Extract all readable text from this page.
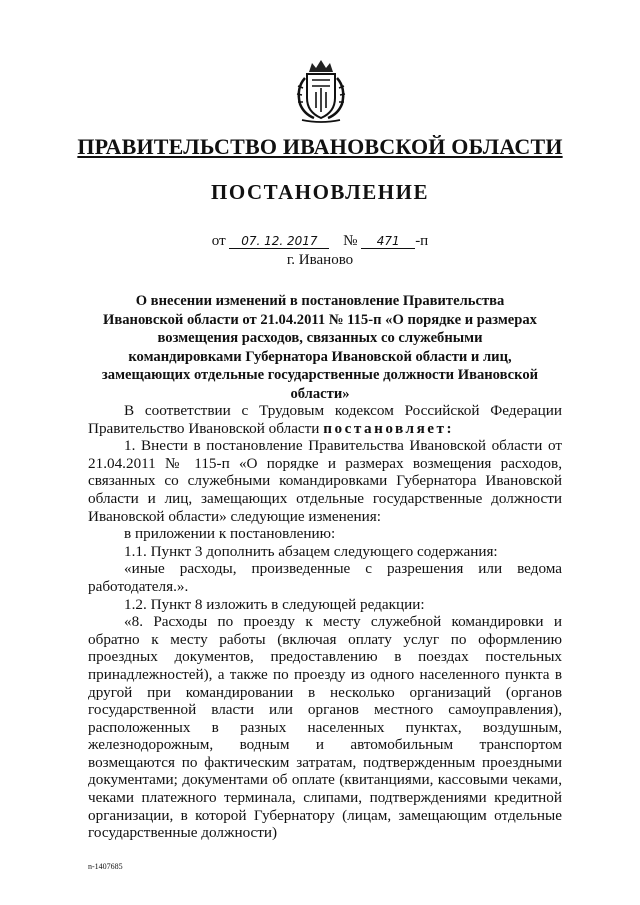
ПРАВИТЕЛЬСТВО ИВАНОВСКОЙ ОБЛАСТИ
ПОСТАНОВЛЕНИЕ
от 07. 12. 2017 № 471 -п
г. Иваново
О внесении изменений в постановление Правительства Ивановской области от 21.04.2011 № 115-п «О порядке и размерах возмещения расходов, связанных со служебными командировками Губернатора Ивановской области и лиц, замещающих отдельные государственные должности Ивановской области»

В соответствии с Трудовым кодексом Российской Федерации Правительство Ивановской области постановляет:

1. Внести в постановление Правительства Ивановской области от 21.04.2011 № 115-п «О порядке и размерах возмещения расходов, связанных со служебными командировками Губернатора Ивановской области и лиц, замещающих отдельные государственные должности Ивановской области» следующие изменения:

в приложении к постановлению:

1.1. Пункт 3 дополнить абзацем следующего содержания:

«иные расходы, произведенные с разрешения или ведома работодателя.».

1.2. Пункт 8 изложить в следующей редакции:

«8. Расходы по проезду к месту служебной командировки и обратно к месту работы (включая оплату услуг по оформлению проездных документов, предоставлению в поездах постельных принадлежностей), а также по проезду из одного населенного пункта в другой при командировании в несколько организаций (органов государственной власти или органов местного самоуправления), расположенных в разных населенных пунктах, воздушным, железнодорожным, водным и автомобильным транспортом возмещаются по фактическим затратам, подтвержденным проездными документами; документами об оплате (квитанциями, кассовыми чеками, чеками платежного терминала, слипами, подтверждениями кредитной организации, в которой Губернатору (лицам, замещающим отдельные государственные должности)

n-1407685
